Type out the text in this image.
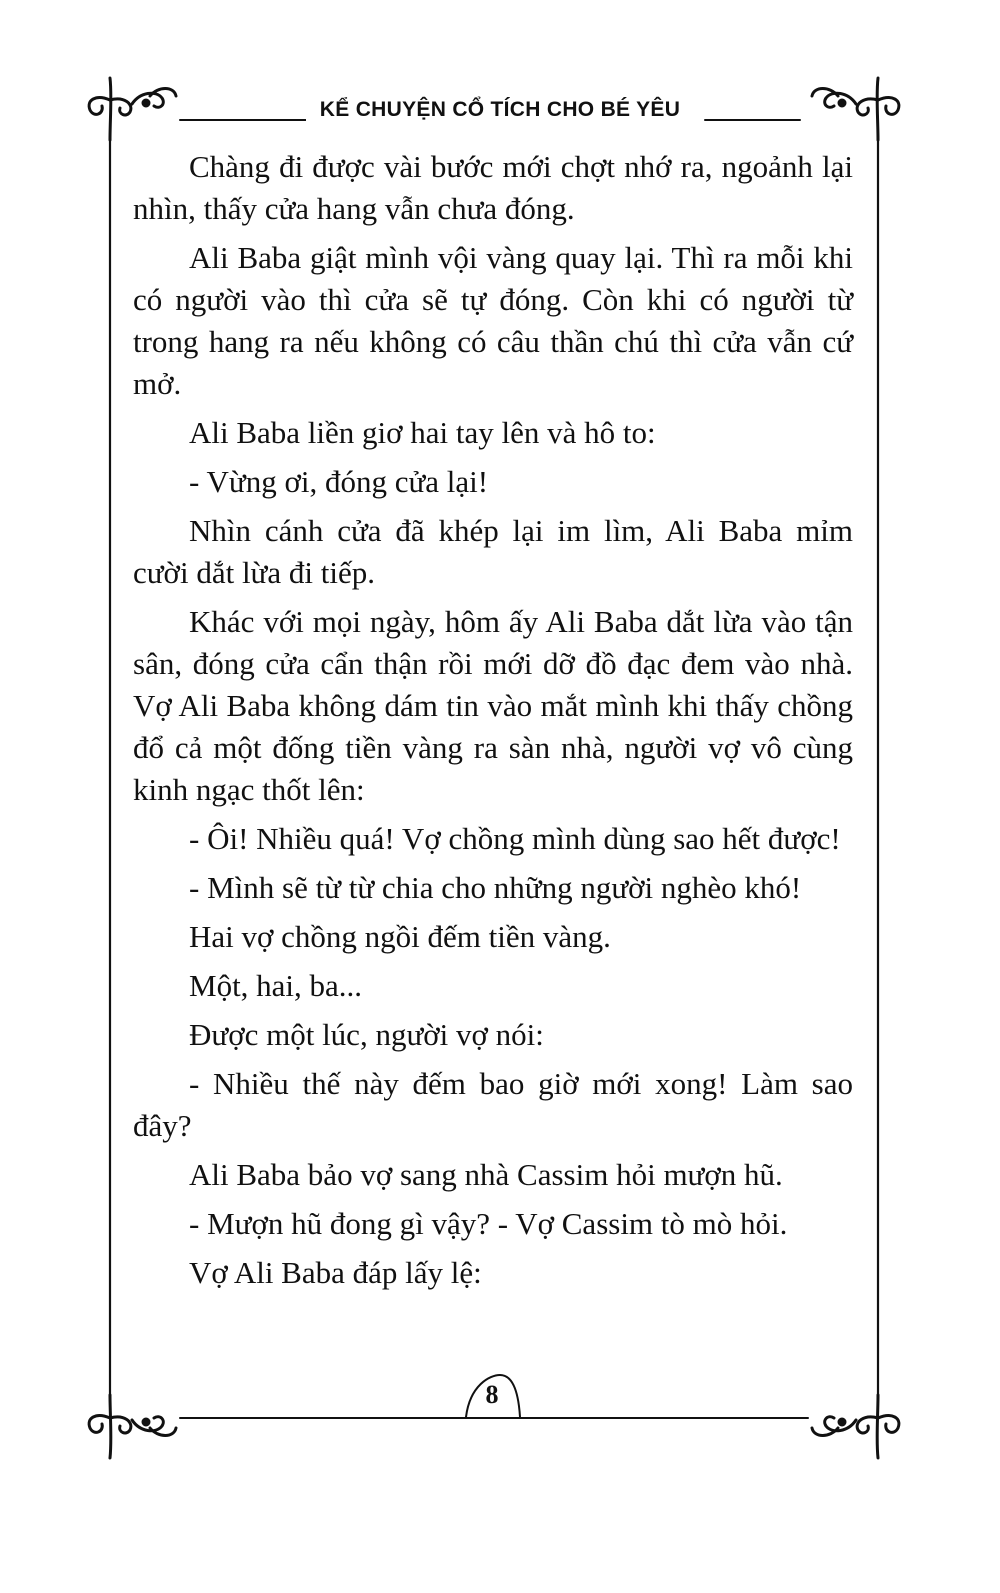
KỂ CHUYỆN CỔ TÍCH CHO BÉ YÊU

Chàng đi được vài bước mới chợt nhớ ra, ngoảnh lại nhìn, thấy cửa hang vẫn chưa đóng.

Ali Baba giật mình vội vàng quay lại. Thì ra mỗi khi có người vào thì cửa sẽ tự đóng. Còn khi có người từ trong hang ra nếu không có câu thần chú thì cửa vẫn cứ mở.

Ali Baba liền giơ hai tay lên và hô to:

- Vừng ơi, đóng cửa lại!

Nhìn cánh cửa đã khép lại im lìm, Ali Baba mỉm cười dắt lừa đi tiếp.

Khác với mọi ngày, hôm ấy Ali Baba dắt lừa vào tận sân, đóng cửa cẩn thận rồi mới dỡ đồ đạc đem vào nhà. Vợ Ali Baba không dám tin vào mắt mình khi thấy chồng đổ cả một đống tiền vàng ra sàn nhà, người vợ vô cùng kinh ngạc thốt lên:

- Ôi! Nhiều quá! Vợ chồng mình dùng sao hết được!

- Mình sẽ từ từ chia cho những người nghèo khó!

Hai vợ chồng ngồi đếm tiền vàng.

Một, hai, ba...

Được một lúc, người vợ nói:

- Nhiều thế này đếm bao giờ mới xong! Làm sao đây?

Ali Baba bảo vợ sang nhà Cassim hỏi mượn hũ.

- Mượn hũ đong gì vậy? - Vợ Cassim tò mò hỏi.

Vợ Ali Baba đáp lấy lệ:

8
